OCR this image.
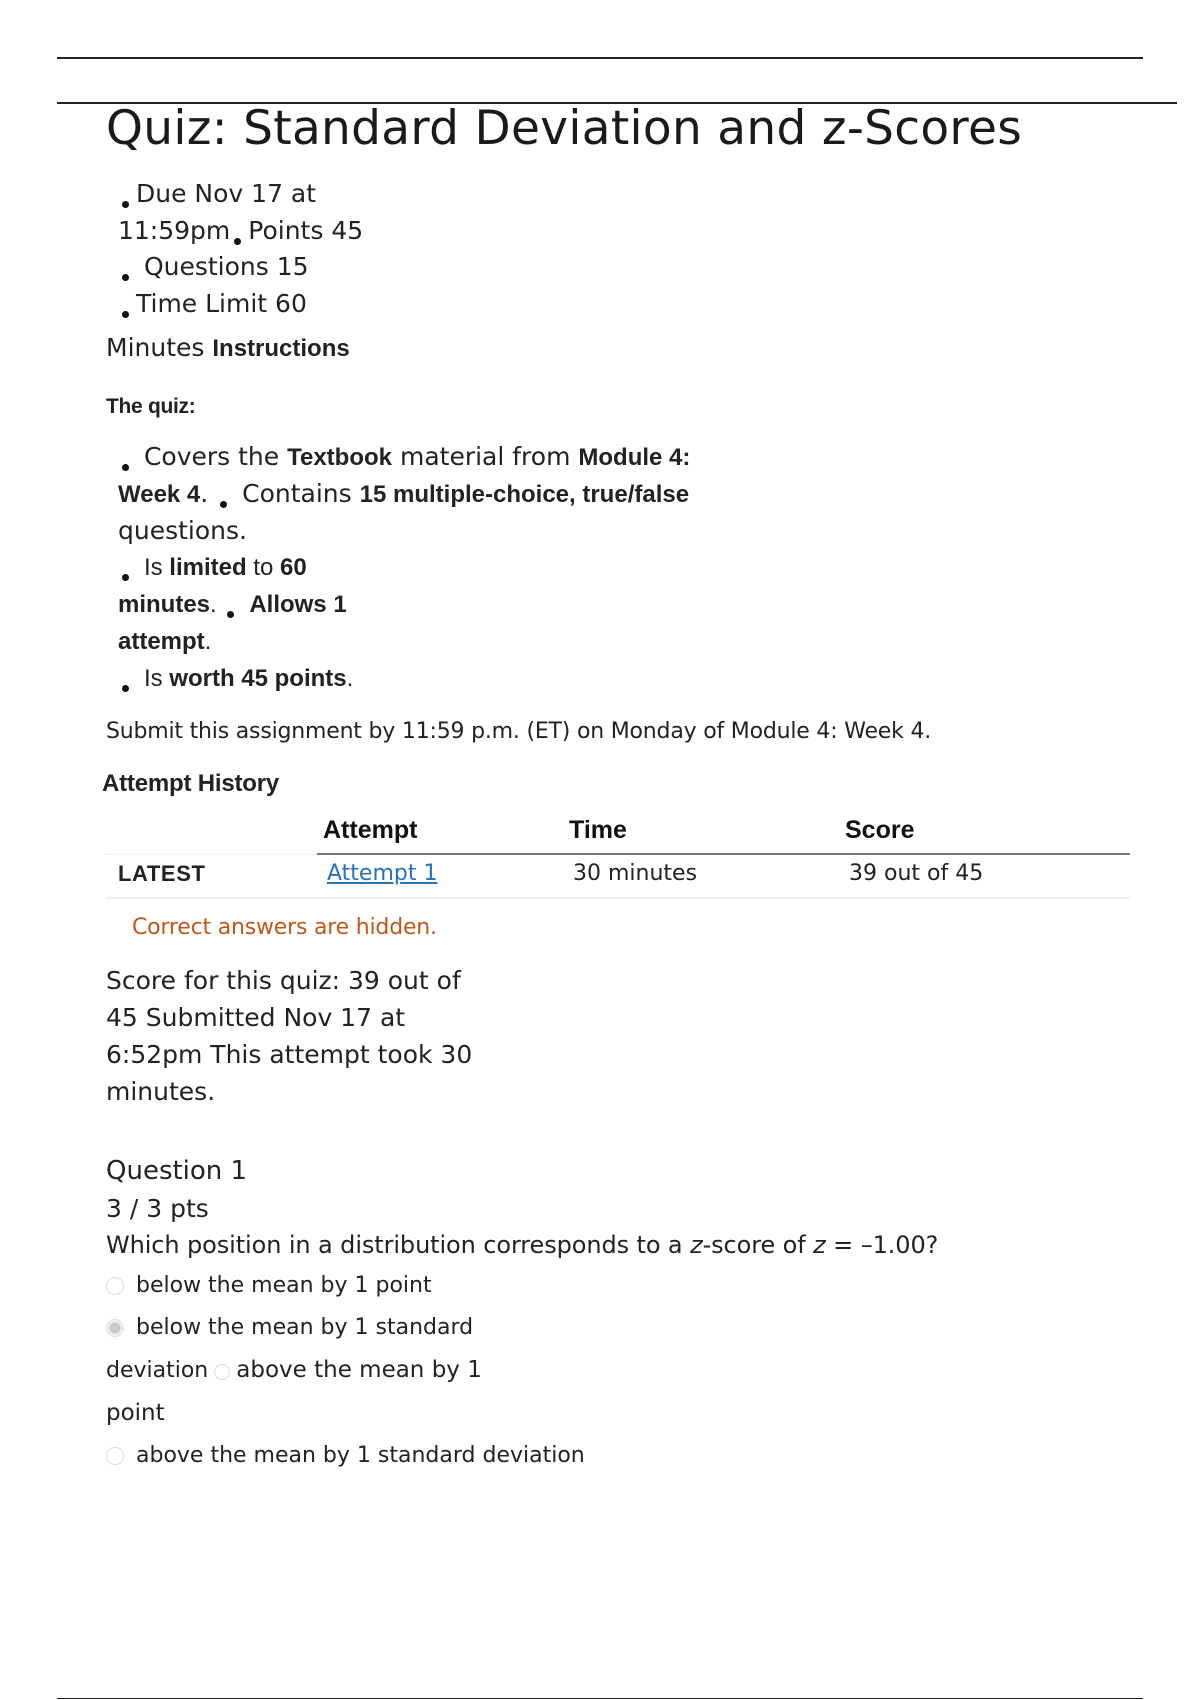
Quiz: Standard Deviation and z-Scores
Due Nov 17 at
11:59pm Points 45
Questions 15
Time Limit 60
Minutes Instructions
The quiz:
Covers the Textbook material from Module 4:
Week 4.  Contains 15 multiple-choice, true/false
questions.
Is limited to 60
minutes.  Allows 1
attempt.
Is worth 45 points.
Submit this assignment by 11:59 p.m. (ET) on Monday of Module 4: Week 4.
Attempt History
	Attempt	Time	Score
LATEST	Attempt 1	30 minutes	39 out of 45
Correct answers are hidden.
Score for this quiz: 39 out of 45 Submitted Nov 17 at 6:52pm This attempt took 30 minutes.
Question 1
3 / 3 pts
Which position in a distribution corresponds to a z-score of z = –1.00?
below the mean by 1 point
below the mean by 1 standard
deviation above the mean by 1
point
above the mean by 1 standard deviation
